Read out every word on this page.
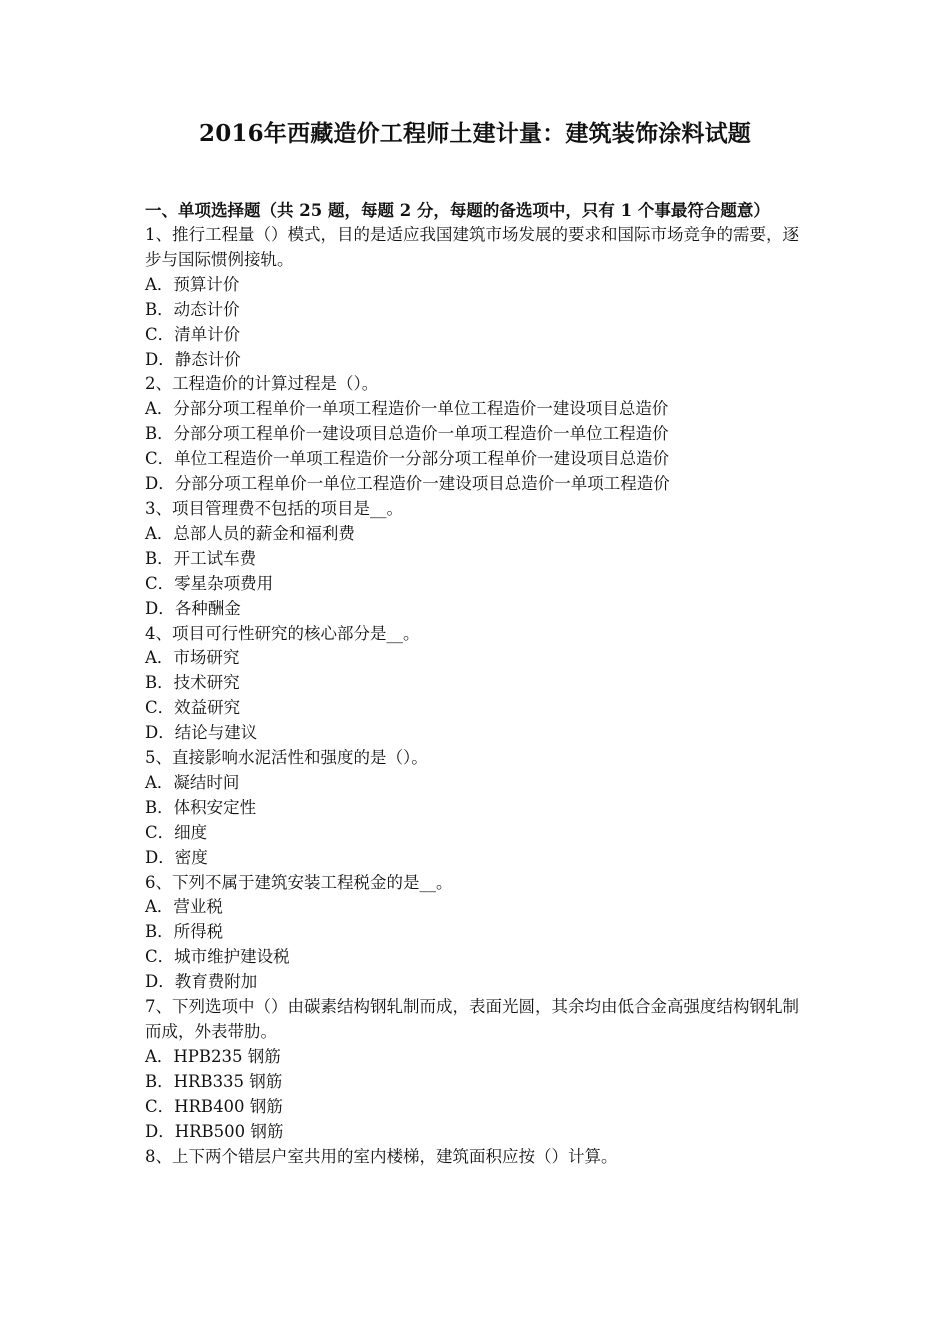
2016年西藏造价工程师土建计量：建筑装饰涂料试题

一、单项选择题（共 25 题，每题 2 分，每题的备选项中，只有 1 个事最符合题意）

1、推行工程量（）模式，目的是适应我国建筑市场发展的要求和国际市场竞争的需要，逐步与国际惯例接轨。

A．预算计价

B．动态计价

C．清单计价

D．静态计价

2、工程造价的计算过程是（）。

A．分部分项工程单价一单项工程造价一单位工程造价一建设项目总造价

B．分部分项工程单价一建设项目总造价一单项工程造价一单位工程造价

C．单位工程造价一单项工程造价一分部分项工程单价一建设项目总造价

D．分部分项工程单价一单位工程造价一建设项目总造价一单项工程造价

3、项目管理费不包括的项目是__。

A．总部人员的薪金和福利费

B．开工试车费

C．零星杂项费用

D．各种酬金

4、项目可行性研究的核心部分是__。

A．市场研究

B．技术研究

C．效益研究

D．结论与建议

5、直接影响水泥活性和强度的是（）。

A．凝结时间

B．体积安定性

C．细度

D．密度

6、下列不属于建筑安装工程税金的是__。

A．营业税

B．所得税

C．城市维护建设税

D．教育费附加

7、下列选项中（）由碳素结构钢轧制而成，表面光圆，其余均由低合金高强度结构钢轧制而成，外表带肋。

A．HPB235 钢筋

B．HRB335 钢筋

C．HRB400 钢筋

D．HRB500 钢筋

8、上下两个错层户室共用的室内楼梯，建筑面积应按（）计算。
